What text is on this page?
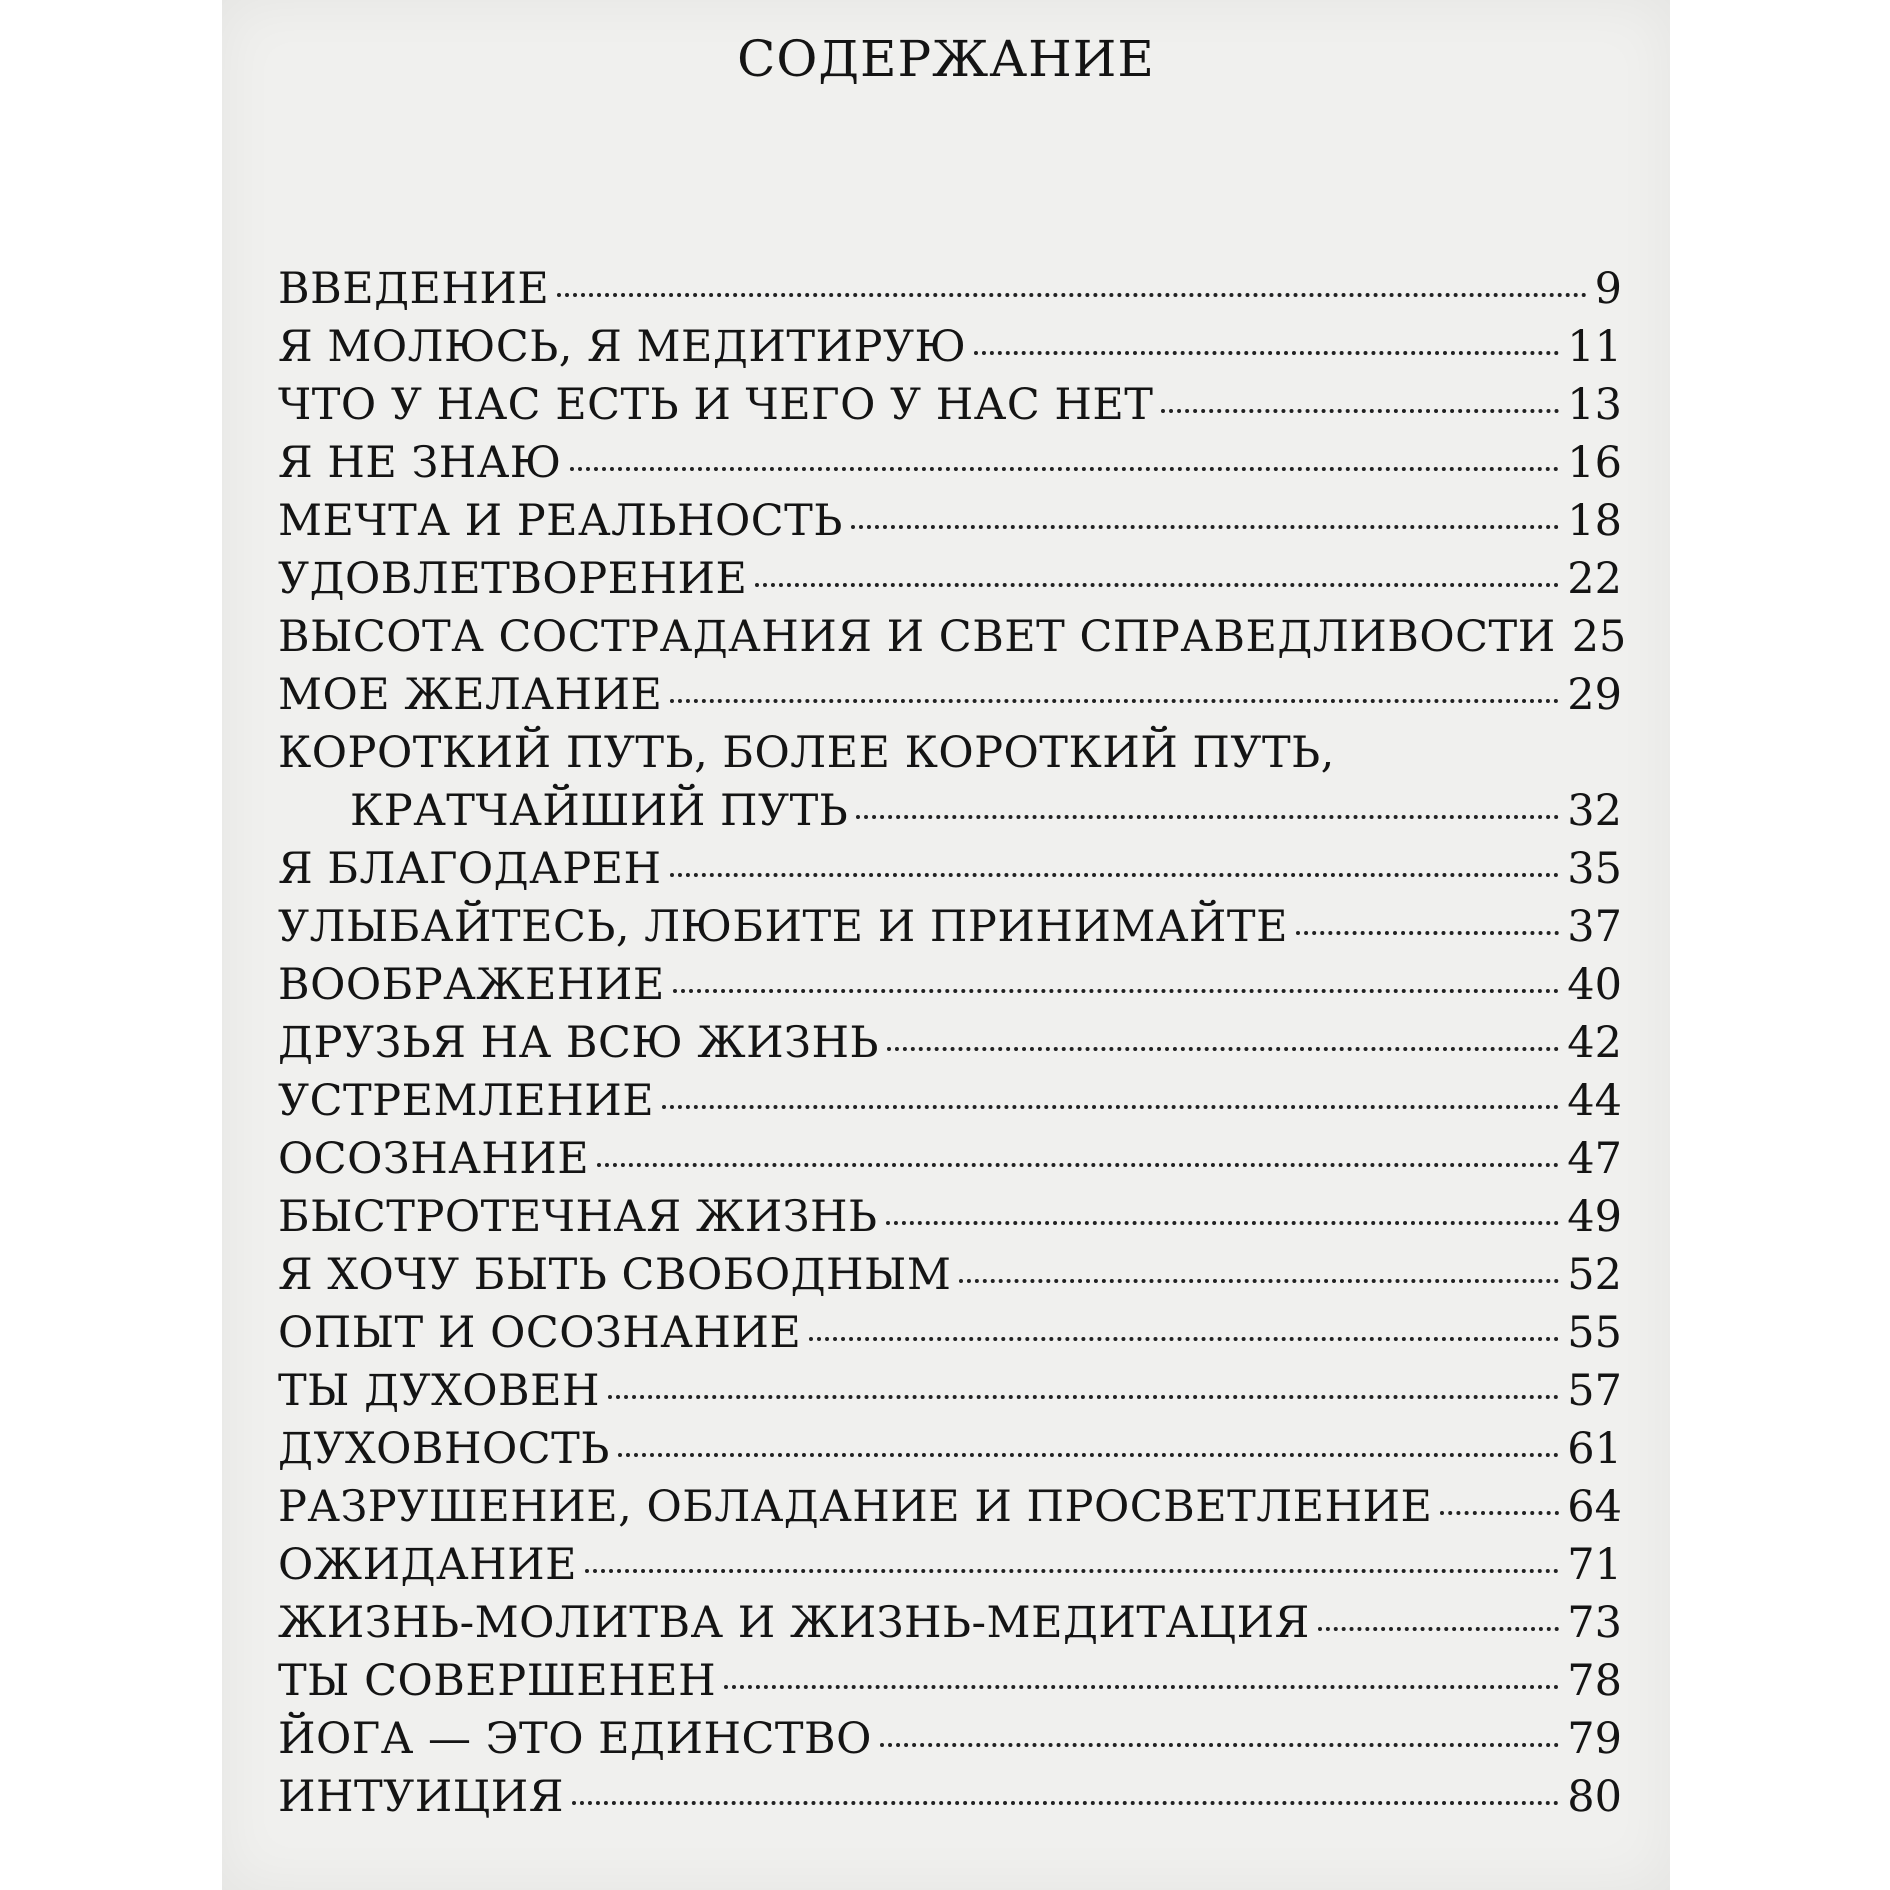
СОДЕРЖАНИЕ
ВВЕДЕНИЕ	9
Я МОЛЮСЬ, Я МЕДИТИРУЮ	11
ЧТО У НАС ЕСТЬ И ЧЕГО У НАС НЕТ	13
Я НЕ ЗНАЮ	16
МЕЧТА И РЕАЛЬНОСТЬ	18
УДОВЛЕТВОРЕНИЕ	22
ВЫСОТА СОСТРАДАНИЯ И СВЕТ СПРАВЕДЛИВОСТИ 25
МОЕ ЖЕЛАНИЕ	29
КОРОТКИЙ ПУТЬ, БОЛЕЕ КОРОТКИЙ ПУТЬ,
КРАТЧАЙШИЙ ПУТЬ	32
Я БЛАГОДАРЕН	35
УЛЫБАЙТЕСЬ, ЛЮБИТЕ И ПРИНИМАЙТЕ	37
ВООБРАЖЕНИЕ	40
ДРУЗЬЯ НА ВСЮ ЖИЗНЬ	42
УСТРЕМЛЕНИЕ	44
ОСОЗНАНИЕ	47
БЫСТРОТЕЧНАЯ ЖИЗНЬ	49
Я ХОЧУ БЫТЬ СВОБОДНЫМ	52
ОПЫТ И ОСОЗНАНИЕ	55
ТЫ ДУХОВЕН	57
ДУХОВНОСТЬ	61
РАЗРУШЕНИЕ, ОБЛАДАНИЕ И ПРОСВЕТЛЕНИЕ	64
ОЖИДАНИЕ	71
ЖИЗНЬ-МОЛИТВА И ЖИЗНЬ-МЕДИТАЦИЯ	73
ТЫ СОВЕРШЕНЕН	78
ЙОГА — ЭТО ЕДИНСТВО	79
ИНТУИЦИЯ	80
